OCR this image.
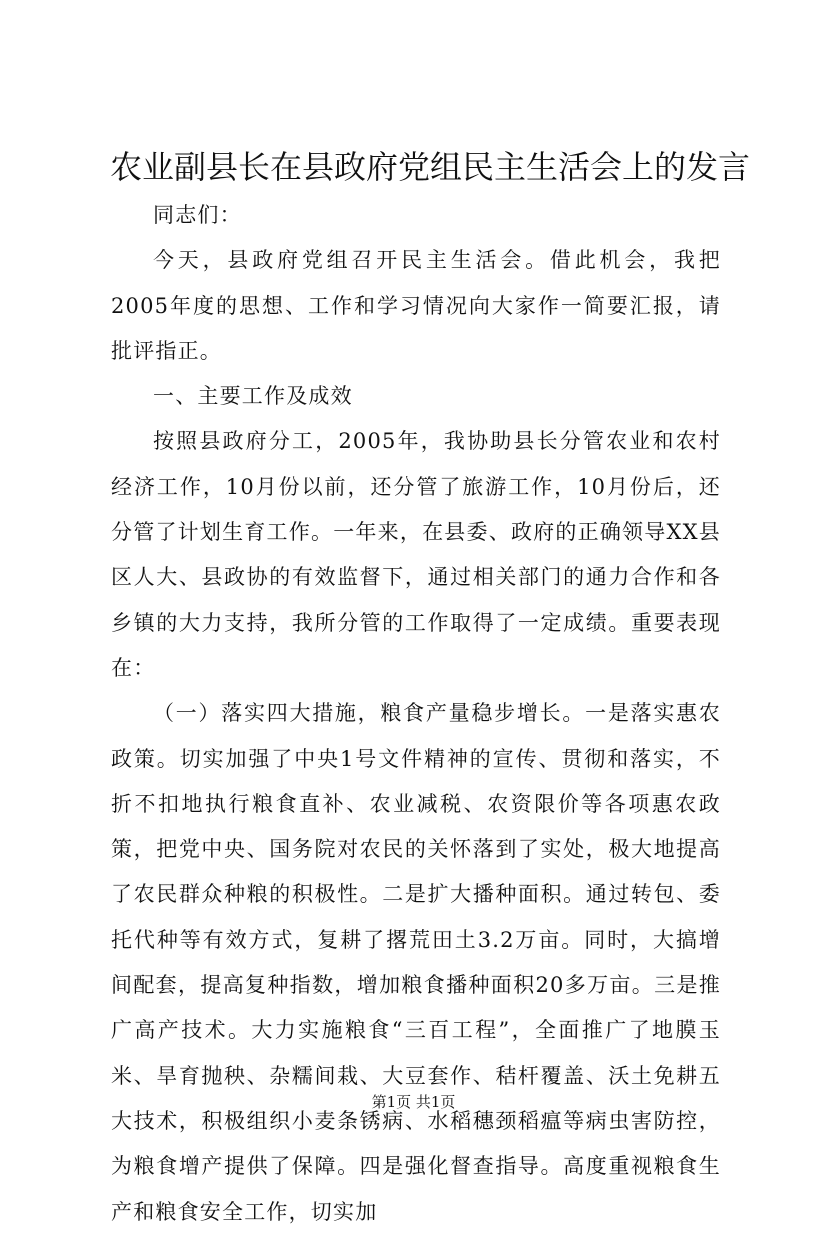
农业副县长在县政府党组民主生活会上的发言

同志们：

今天，县政府党组召开民主生活会。借此机会，我把2005年度的思想、工作和学习情况向大家作一简要汇报，请批评指正。

一、主要工作及成效

按照县政府分工，2005年，我协助县长分管农业和农村经济工作，10月份以前，还分管了旅游工作，10月份后，还分管了计划生育工作。一年来，在县委、政府的正确领导XX县区人大、县政协的有效监督下，通过相关部门的通力合作和各乡镇的大力支持，我所分管的工作取得了一定成绩。重要表现在：

（一）落实四大措施，粮食产量稳步增长。一是落实惠农政策。切实加强了中央1号文件精神的宣传、贯彻和落实，不折不扣地执行粮食直补、农业减税、农资限价等各项惠农政策，把党中央、国务院对农民的关怀落到了实处，极大地提高了农民群众种粮的积极性。二是扩大播种面积。通过转包、委托代种等有效方式，复耕了撂荒田土3.2万亩。同时，大搞增间配套，提高复种指数，增加粮食播种面积20多万亩。三是推广高产技术。大力实施粮食“三百工程”，全面推广了地膜玉米、旱育抛秧、杂糯间栽、大豆套作、秸杆覆盖、沃土免耕五大技术，积极组织小麦条锈病、水稻穗颈稻瘟等病虫害防控，为粮食增产提供了保障。四是强化督查指导。高度重视粮食生产和粮食安全工作，切实加

第1页 共1页
